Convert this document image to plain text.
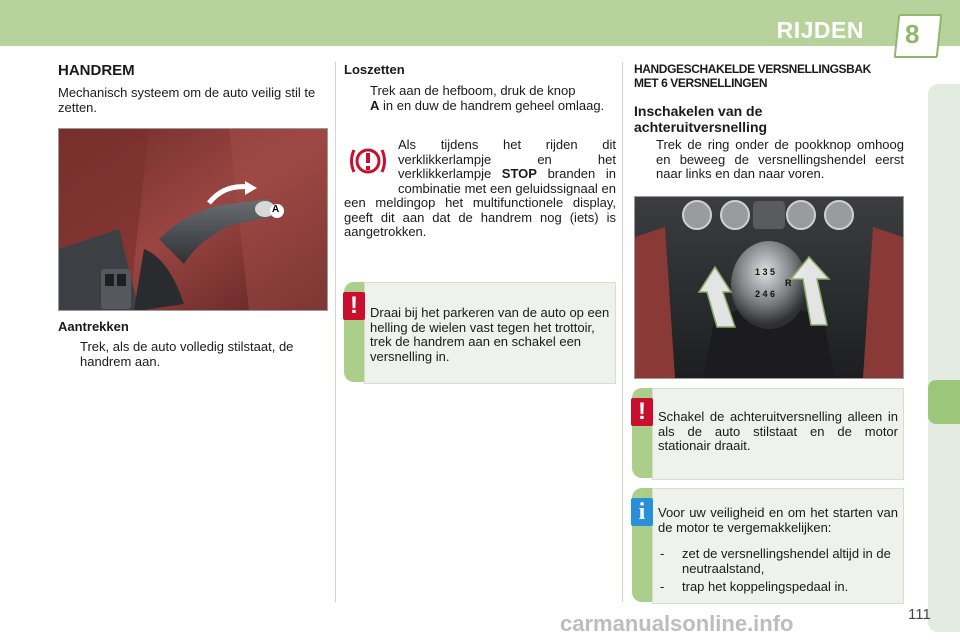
RIJDEN 8
HANDREM

Mechanisch systeem om de auto veilig stil te zetten.

A
Aantrekken

Trek, als de auto volledig stilstaat, de handrem aan.

Loszetten

Trek aan de hefboom, druk de knop
A in en duw de handrem geheel omlaag.

Als tijdens het rijden dit verklikkerlampje en het verklikkerlampje STOP branden in combinatie met een geluidssignaal en een meldingop het multifunctionele display, geeft dit aan dat de handrem nog (iets) is aangetrokken.

! Draai bij het parkeren van de auto op een helling de wielen vast tegen het trottoir, trek de handrem aan en schakel een versnelling in.

HANDGESCHAKELDE VERSNELLINGSBAK
MET 6 VERSNELLINGEN
Inschakelen van de
achteruitversnelling

Trek de ring onder de pookknop omhoog en beweeg de versnellingshendel eerst naar links en dan naar voren.

1 3 5
2 4 6
R
! Schakel de achteruitversnelling alleen in als de auto stilstaat en de motor stationair draait.

i Voor uw veiligheid en om het starten van de motor te vergemakkelijken:

- zet de versnellingshendel altijd in de neutraalstand,
- trap het koppelingspedaal in.
carmanualsonline.info	111
